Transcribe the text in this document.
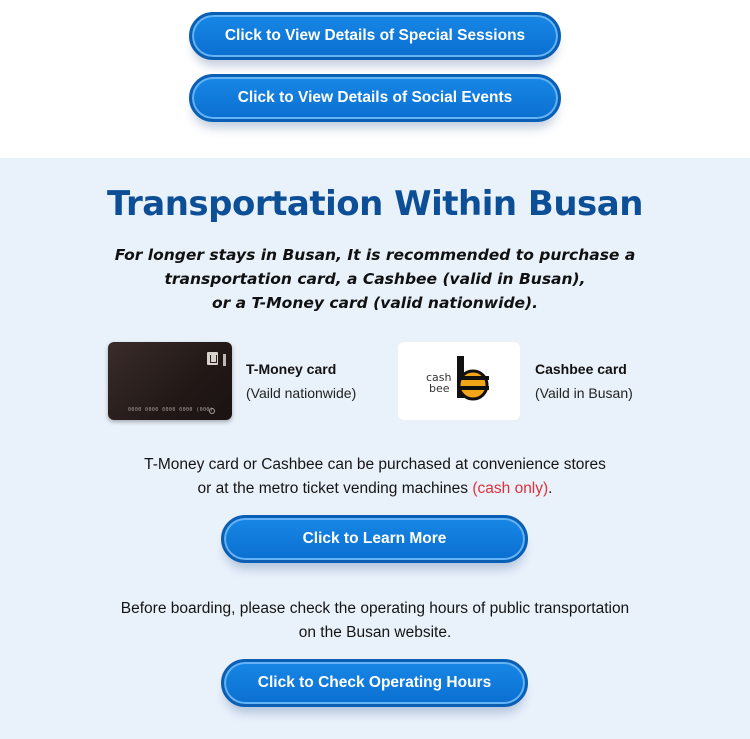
Click to View Details of Special Sessions
Click to View Details of Social Events
Transportation Within Busan
For longer stays in Busan, It is recommended to purchase a
transportation card, a Cashbee (valid in Busan),
or a T-Money card (valid nationwide).
0000 0000 0000 0000 (000)
T-Money card
(Vaild nationwide)
cash
bee
Cashbee card
(Vaild in Busan)
T-Money card or Cashbee can be purchased at convenience stores
or at the metro ticket vending machines (cash only).
Click to Learn More
Before boarding, please check the operating hours of public transportation
on the Busan website.
Click to Check Operating Hours
